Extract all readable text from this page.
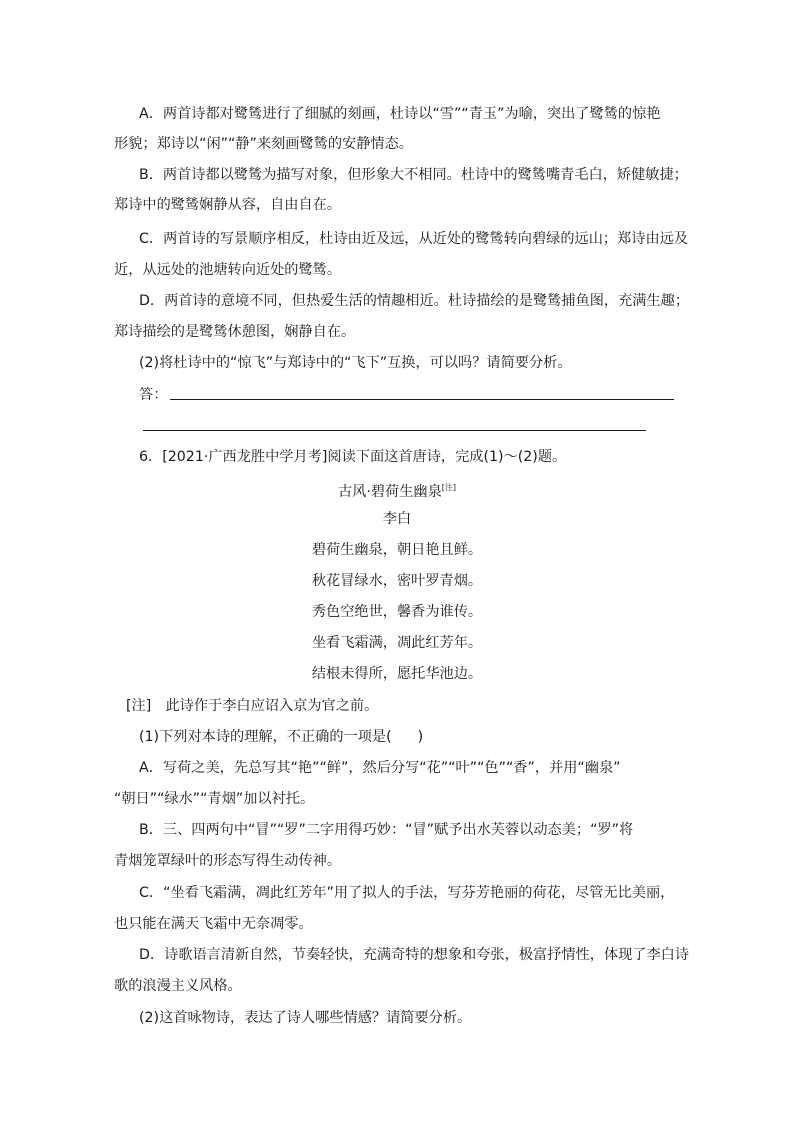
A．两首诗都对鹭鸶进行了细腻的刻画，杜诗以“雪”“青玉”为喻，突出了鹭鸶的惊艳
形貌；郑诗以“闲”“静”来刻画鹭鸶的安静情态。
B．两首诗都以鹭鸶为描写对象，但形象大不相同。杜诗中的鹭鸶嘴青毛白，矫健敏捷；
郑诗中的鹭鸶娴静从容，自由自在。
C．两首诗的写景顺序相反，杜诗由近及远，从近处的鹭鸶转向碧绿的远山；郑诗由远及
近，从远处的池塘转向近处的鹭鸶。
D．两首诗的意境不同，但热爱生活的情趣相近。杜诗描绘的是鹭鸶捕鱼图，充满生趣；
郑诗描绘的是鹭鸶休憩图，娴静自在。
(2)将杜诗中的“惊飞”与郑诗中的“飞下”互换，可以吗？请简要分析。
答：
6．[2021·广西龙胜中学月考]阅读下面这首唐诗，完成(1)～(2)题。
古风·碧荷生幽泉[注]
李白
碧荷生幽泉，朝日艳且鲜。
秋花冒绿水，密叶罗青烟。
秀色空绝世，馨香为谁传。
坐看飞霜满，凋此红芳年。
结根未得所，愿托华池边。
[注]　此诗作于李白应诏入京为官之前。
(1)下列对本诗的理解，不正确的一项是( )
A．写荷之美，先总写其“艳”“鲜”，然后分写“花”“叶”“色”“香”，并用“幽泉”
“朝日”“绿水”“青烟”加以衬托。
B．三、四两句中“冒”“罗”二字用得巧妙：“冒”赋予出水芙蓉以动态美；“罗”将
青烟笼罩绿叶的形态写得生动传神。
C．“坐看飞霜满，凋此红芳年”用了拟人的手法，写芬芳艳丽的荷花，尽管无比美丽，
也只能在满天飞霜中无奈凋零。
D．诗歌语言清新自然，节奏轻快，充满奇特的想象和夸张，极富抒情性，体现了李白诗
歌的浪漫主义风格。
(2)这首咏物诗，表达了诗人哪些情感？请简要分析。
